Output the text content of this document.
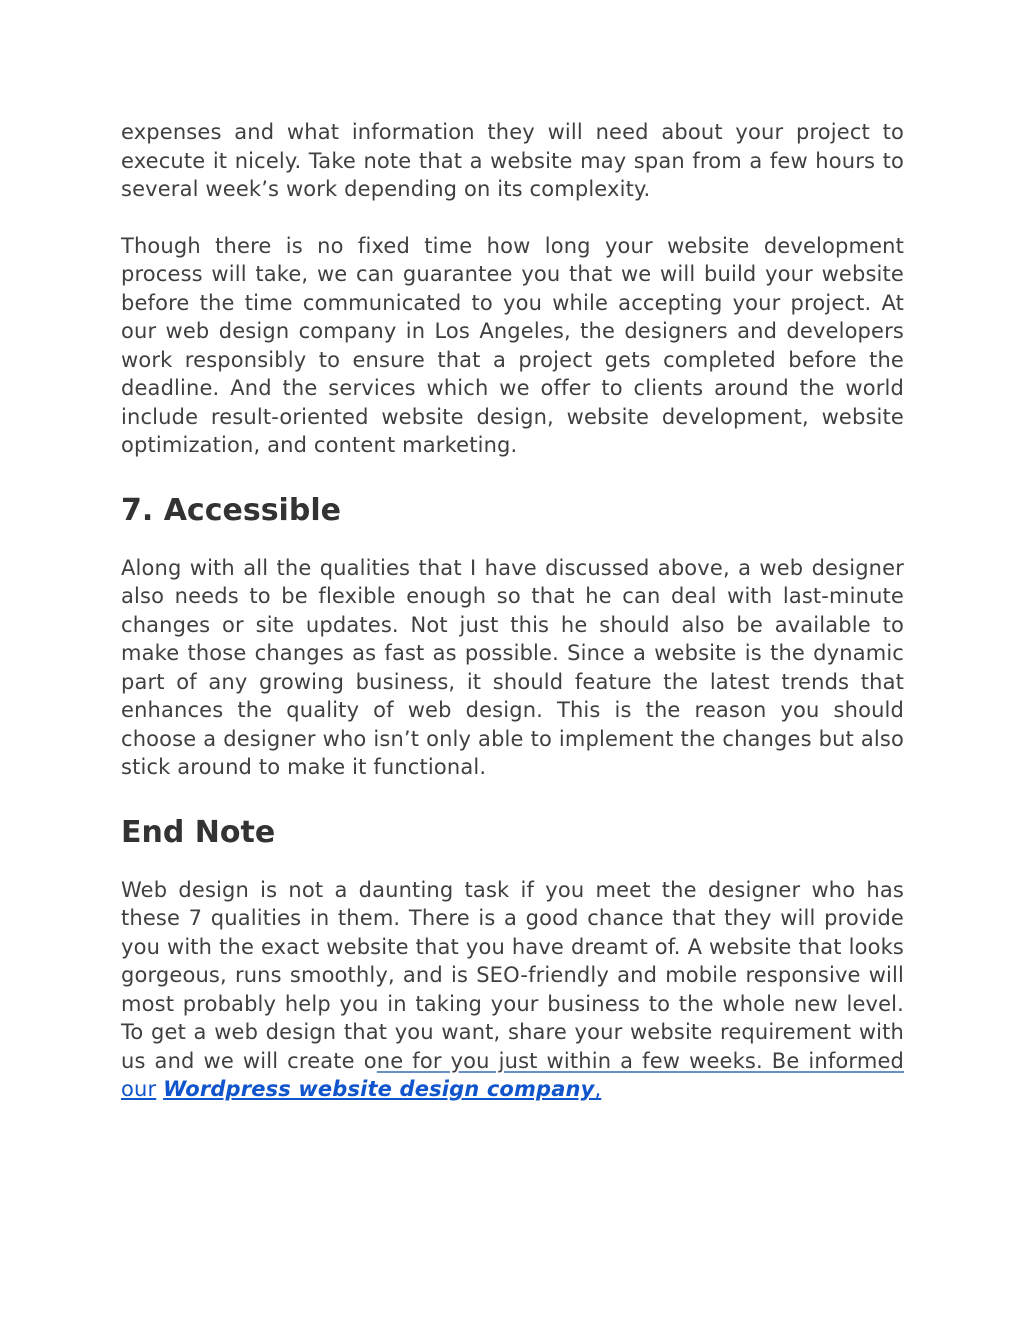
expenses and what information they will need about your project to execute it nicely. Take note that a website may span from a few hours to several week’s work depending on its complexity.

Though there is no fixed time how long your website development process will take, we can guarantee you that we will build your website before the time communicated to you while accepting your project. At our web design company in Los Angeles, the designers and developers work responsibly to ensure that a project gets completed before the deadline. And the services which we offer to clients around the world include result-oriented website design, website development, website optimization, and content marketing.

7. Accessible

Along with all the qualities that I have discussed above, a web designer also needs to be flexible enough so that he can deal with last-minute changes or site updates. Not just this he should also be available to make those changes as fast as possible. Since a website is the dynamic part of any growing business, it should feature the latest trends that enhances the quality of web design. This is the reason you should choose a designer who isn’t only able to implement the changes but also stick around to make it functional.

End Note

Web design is not a daunting task if you meet the designer who has these 7 qualities in them. There is a good chance that they will provide you with the exact website that you have dreamt of. A website that looks gorgeous, runs smoothly, and is SEO-friendly and mobile responsive will most probably help you in taking your business to the whole new level. To get a web design that you want, share your website requirement with us and we will create one for you just within a few weeks. Be informed our Wordpress website design company,
